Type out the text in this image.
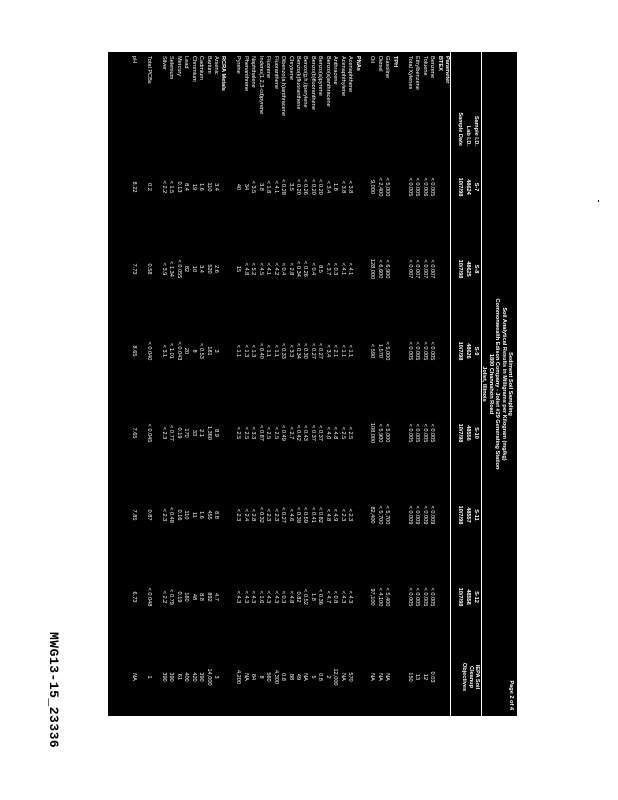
Sediment Soil Sampling
Soil Analytical Results in Milligrams per Kilogram (mg/kg)
Commonwealth Edison Company - Joliet #29 Generating Station
1800 Channahon Road
Joliet, Illinois
Page 2 of 4
Sample I.D.
S-7
S-8
S-9
S-10
S-11
S-12
Lab I.D.
48624
48625
48626
48556
48557
48558
Sample Date
10/7/98
10/7/98
10/7/98
10/7/98
10/7/98
10/7/98
IEPA Soil
Cleanup
Objectives
Parameter
BTEX
Benzene
< 0.005
< 0.007
< 0.005
< 0.005
< 0.009
< 0.005
0.03
Toluene
< 0.006
< 0.007
< 0.005
< 0.005
< 0.009
< 0.005
12
Ethylbenzene
< 0.005
< 0.007
< 0.005
< 0.005
< 0.009
< 0.005
13
Total Xylenes
< 0.005
< 0.007
< 0.005
< 0.005
< 0.009
< 0.005
150
TPH
Gasoline
< 5,000
< 6,900
< 5,000
< 5,000
< 5,700
< 5,400
NA
Diesel
< 2,400
< 6,600
1,570
< 5,900
< 5,700
< 4,100
NA
Oil
9,000
128,000
< 590
108,000
82,400
97,100
NA
PNAs
Acenaphthene
< 3.8
< 4.1
< 1.1
< 2.5
< 2.3
< 4.3
570
Acenaphthylene
< 3.8
< 4.1
< 1.1
< 2.5
< 2.3
< 4.3
NA
Anthracene
1.8
< 0.3
< 2.1
< 4.8
< 4.9
< 0.8
12,000
Benzo(a)anthracene
< 3.4
< 3.7
< 3.4
< 4.0
< 4.8
< 4.7
2
Benzo(a)pyrene
< 0.20
8.5
< 0.27
< 0.37
< 0.82
< 0.36
0.8
Benzo(b)fluoranthene
< 0.20
< 0.4
< 0.27
< 0.37
< 0.41
1.8
5
Benzo(g,h,i)perylene
< 0.26
< 0.26
< 0.30
< 0.43
< 0.59
< 0.52
NA
Benzo(k)fluoranthene
< 0.20
< 0.34
< 0.34
< 0.42
< 0.39
0.82
49
Chrysene
3.5
< 2.8
< 3.3
< 2.7
< 4.6
< 4.8
88
Dibenzo(a,h)anthracene
< 0.28
< 0.4
< 0.33
< 0.49
< 0.27
< 0.3
0.8
Fluoranthene
< 4.1
< 4.2
< 1.1
< 2.5
< 2.3
< 4.3
4,300
Fluorene
< 1.8
< 4.1
< 1.1
< 2.5
< 2.3
< 4.3
560
Indeno(1,2,3-cd)pyrene
3.8
< 4.5
< 0.40
< 0.87
< 0.32
< 1.6
8
Naphthalene
< 3.5
< 5.2
< 1.3
< 3.3
< 2.8
< 4.3
84
Phenanthrene
34
< 4.8
< 1.3
< 2.5
< 2.4
< 4.3
NA
Pyrene
40
15
< 1.1
< 2.5
< 2.3
< 4.3
4,200
RCRA Metals
Arsenic
3.4
2.6
3
8.9
8.8
4.7
3
Barium
110
520
181
1,360
455
892
14,000
Cadmium
1.6
3.4
< 0.53
2.1
1.6
8.8
390
Chromium
19
10
8
33
11
48
420
Lead
8.4
82
20
170
110
160
400
Mercury
0.13
< 0.055
< 0.043
0.19
0.16
0.19
61
Selenium
< 1.5
< 1.34
< 1.01
< 0.77
< 0.48
< 0.79
390
Silver
< 2.2
< 3.9
< 3.1
< 2.3
< 2.3
< 2.2
390
Total PCBs
0.2
0.58
< 0.040
< 0.045
0.87
< 0.048
1
pH
8.22
7.73
8.65
7.65
7.85
6.73
NA
MWG13-15_23336
